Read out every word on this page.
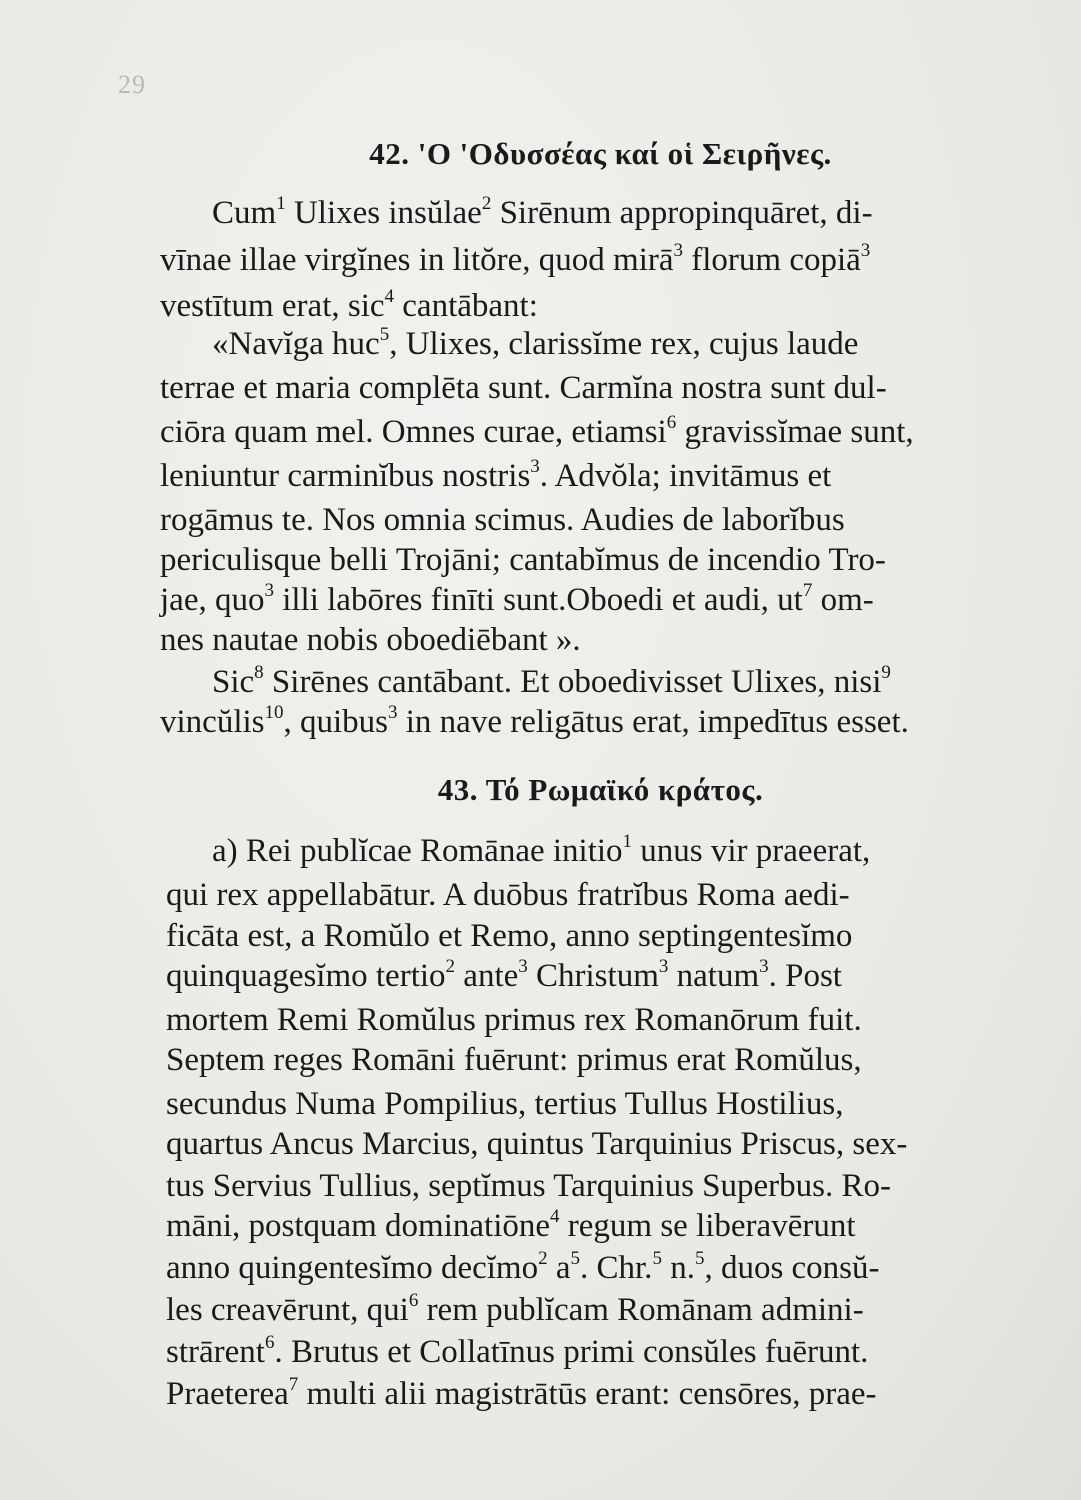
29
42. 'O 'Οδυσσέας καί οἱ Σειρῆνες.
Cum$^1$ Ulixes insŭlae$^2$ Sirēnum appropinquāret, di-
vīnae illae virgĭnes in litŏre, quod mirā$^3$ florum copiā$^3$
vestītum erat, sic$^4$ cantābant:
«Navĭga huc$^5$, Ulixes, clarissĭme rex, cujus laude
terrae et maria complēta sunt. Carmĭna nostra sunt dul-
ciōra quam mel. Omnes curae, etiamsi$^6$ gravissĭmae sunt,
leniuntur carminĭbus nostris$^3$. Advŏla; invitāmus et
rogāmus te. Nos omnia scimus. Audies de laborĭbus
periculisque belli Trojāni; cantabĭmus de incendio Tro-
jae, quo$^3$ illi labōres finīti sunt.Oboedi et audi, $ut^7$ om-
nes nautae nobis oboediēbant ».
Sic$^8$ Sirēnes cantābant. Et oboedivisset Ulixes, nisi$^9$
vincŭlis$^{10}$, quibus$^3$ in nave religātus erat, impedītus esset.
43. Τό Ρωμαϊκό κράτος.
a) Rei publĭcae Romānae initio$^1$ unus vir praeerat,
qui rex appellabātur. A duōbus fratrĭbus Roma aedi-
ficāta est, a Romŭlo et Remo, anno septingentesĭmo
quinquagesĭmo tertio$^2$ ante$^3$ Christum$^3$ natum$^3$. Post
mortem Remi Romŭlus primus rex Romanōrum fuit.
Septem reges Romāni fuērunt: primus erat Romŭlus,
secundus Numa Pompilius, tertius Tullus Hostilius,
quartus Ancus Marcius, quintus Tarquinius Priscus, sex-
tus Servius Tullius, septĭmus Tarquinius Superbus. Ro-
māni, postquam dominatiōne$^4$ regum se liberavērunt
anno quingentesĭmo decĭmo$^2$ $a^5$. Chr.$^5$ n.$^5$, duos consŭ-
les creavērunt, qui$^6$ rem publĭcam Romānam admini-
strārent$^6$. Brutus et Collatīnus primi consŭles fuērunt.
Praeterea$^7$ multi alii magistrātūs erant: censōres, prae-
